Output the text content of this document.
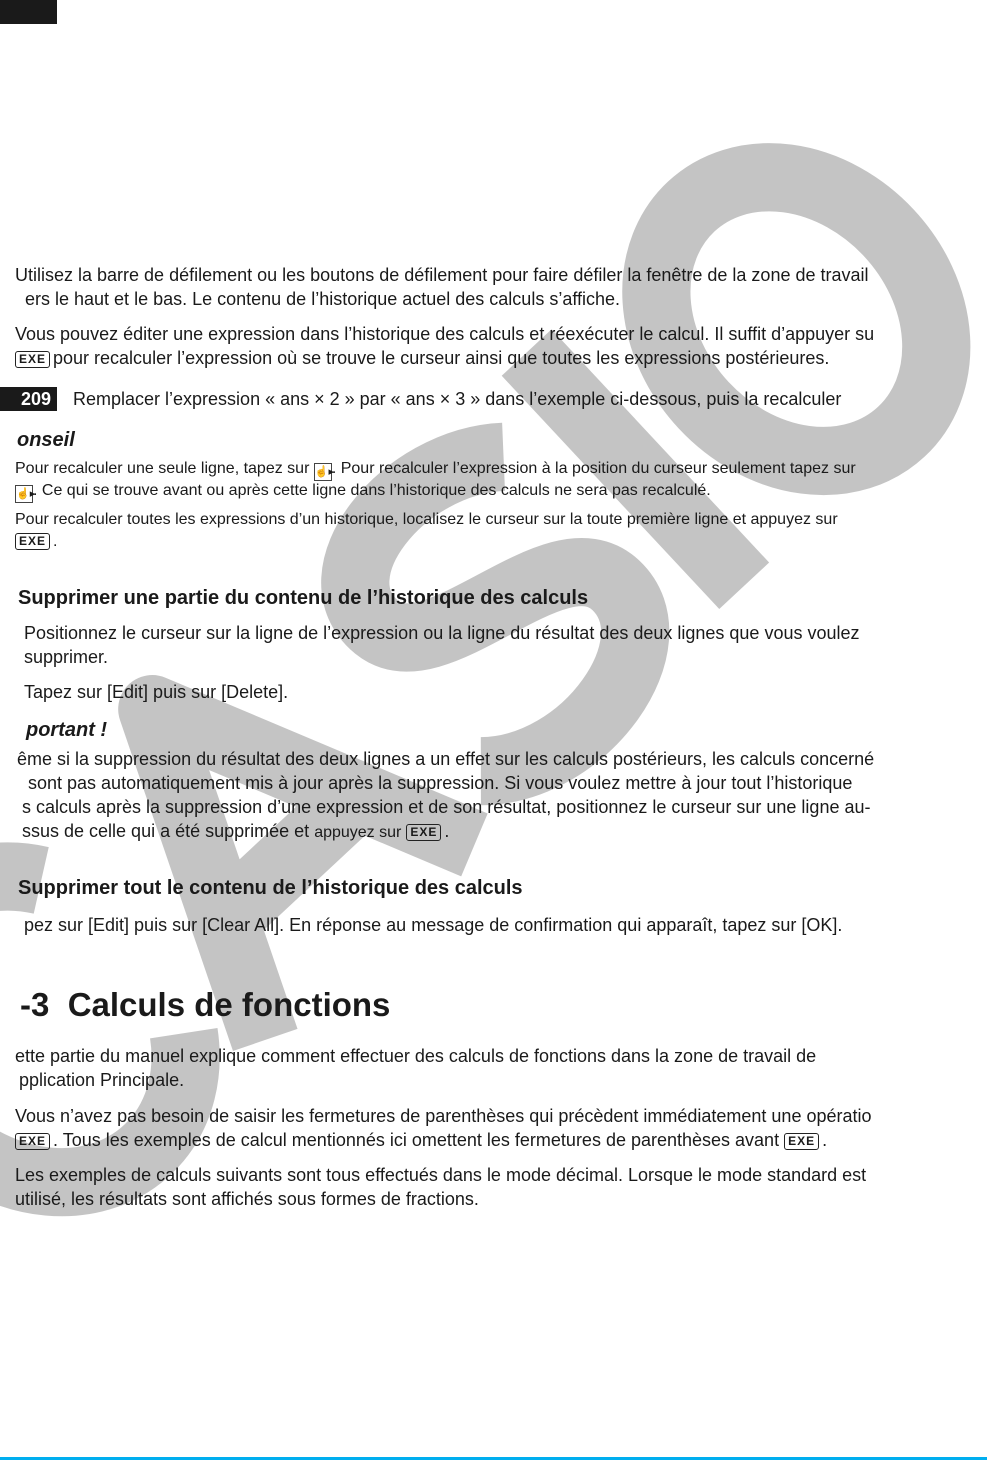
Utilisez la barre de défilement ou les boutons de défilement pour faire défiler la fenêtre de la zone de travail
ers le haut et le bas. Le contenu de l’historique actuel des calculs s’affiche.
Vous pouvez éditer une expression dans l’historique des calculs et réexécuter le calcul. Il suffit d’appuyer su
EXE pour recalculer l’expression où se trouve le curseur ainsi que toutes les expressions postérieures.
209	Remplacer l’expression « ans × 2 » par « ans × 3 » dans l’exemple ci-dessous, puis la recalculer
onseil
Pour recalculer une seule ligne, tapez sur ☝▸. Pour recalculer l’expression à la position du curseur seulement tapez sur
☝▸. Ce qui se trouve avant ou après cette ligne dans l’historique des calculs ne sera pas recalculé.
Pour recalculer toutes les expressions d’un historique, localisez le curseur sur la toute première ligne et appuyez sur
EXE .
Supprimer une partie du contenu de l’historique des calculs
Positionnez le curseur sur la ligne de l’expression ou la ligne du résultat des deux lignes que vous voulez
supprimer.
Tapez sur [Edit] puis sur [Delete].
portant !
ême si la suppression du résultat des deux lignes a un effet sur les calculs postérieurs, les calculs concerné
sont pas automatiquement mis à jour après la suppression. Si vous voulez mettre à jour tout l’historique
s calculs après la suppression d’une expression et de son résultat, positionnez le curseur sur une ligne au-
ssus de celle qui a été supprimée et appuyez sur EXE .
Supprimer tout le contenu de l’historique des calculs
pez sur [Edit] puis sur [Clear All]. En réponse au message de confirmation qui apparaît, tapez sur [OK].
-3 Calculs de fonctions
ette partie du manuel explique comment effectuer des calculs de fonctions dans la zone de travail de
pplication Principale.
Vous n’avez pas besoin de saisir les fermetures de parenthèses qui précèdent immédiatement une opératio
EXE . Tous les exemples de calcul mentionnés ici omettent les fermetures de parenthèses avant EXE .
Les exemples de calculs suivants sont tous effectués dans le mode décimal. Lorsque le mode standard est
utilisé, les résultats sont affichés sous formes de fractions.
